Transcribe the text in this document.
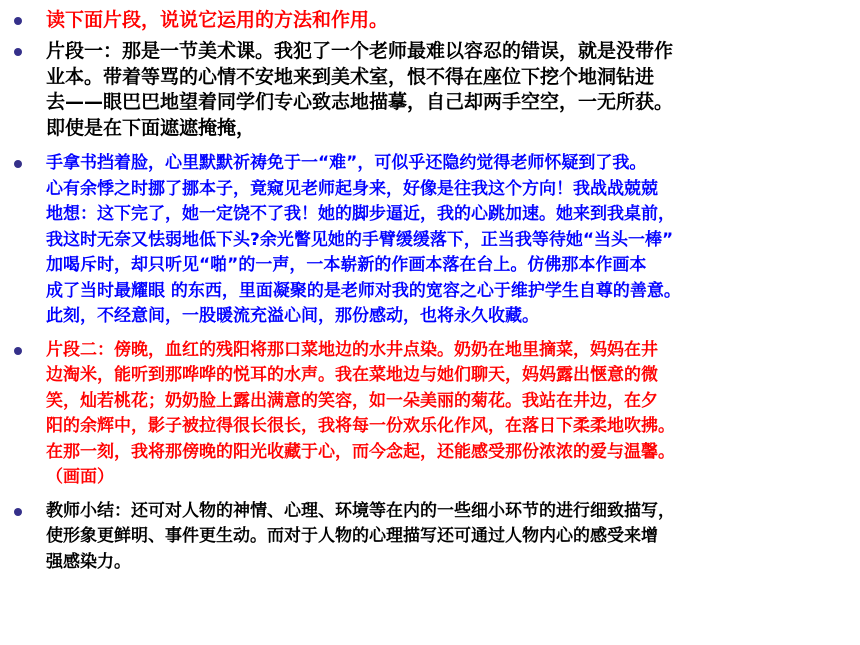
读下面片段，说说它运用的方法和作用。
片段一：那是一节美术课。我犯了一个老师最难以容忍的错误，就是没带作
业本。带着等骂的心情不安地来到美术室，恨不得在座位下挖个地洞钻进
去——眼巴巴地望着同学们专心致志地描摹，自己却两手空空，一无所获。
即使是在下面遮遮掩掩，
手拿书挡着脸，心里默默祈祷免于一“难”，可似乎还隐约觉得老师怀疑到了我。
心有余悸之时挪了挪本子，竟窥见老师起身来，好像是往我这个方向！我战战兢兢
地想：这下完了，她一定饶不了我！她的脚步逼近，我的心跳加速。她来到我桌前，
我这时无奈又怯弱地低下头?余光瞥见她的手臂缓缓落下，正当我等待她“当头一棒”
加喝斥时，却只听见“啪”的一声，一本崭新的作画本落在台上。仿佛那本作画本
成了当时最耀眼 的东西，里面凝聚的是老师对我的宽容之心于维护学生自尊的善意。
此刻，不经意间，一股暖流充溢心间，那份感动，也将永久收藏。
片段二：傍晚，血红的残阳将那口菜地边的水井点染。奶奶在地里摘菜，妈妈在井
边淘米，能听到那哗哗的悦耳的水声。我在菜地边与她们聊天，妈妈露出惬意的微
笑，灿若桃花；奶奶脸上露出满意的笑容，如一朵美丽的菊花。我站在井边，在夕
阳的余辉中，影子被拉得很长很长，我将每一份欢乐化作风，在落日下柔柔地吹拂。
在那一刻，我将那傍晚的阳光收藏于心，而今念起，还能感受那份浓浓的爱与温馨。
（画面）
教师小结：还可对人物的神情、心理、环境等在内的一些细小环节的进行细致描写，
使形象更鲜明、事件更生动。而对于人物的心理描写还可通过人物内心的感受来增
强感染力。
